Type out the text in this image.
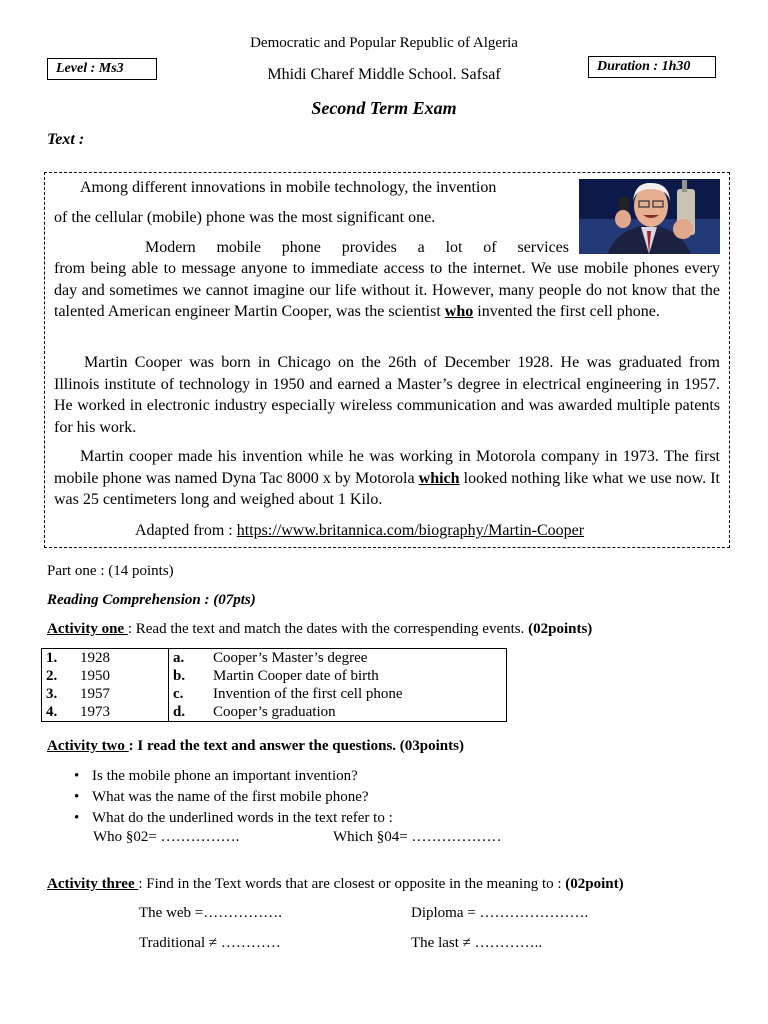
Democratic and Popular Republic of Algeria
Level : Ms3	Mhidi Charef Middle School. Safsaf	Duration : 1h30
Second Term Exam
Text :
Among different innovations in mobile technology, the invention
of the cellular (mobile) phone was the most significant one.
Modern mobile phone provides a lot of services
from being able to message anyone to immediate access to the internet. We use mobile phones every day and sometimes we cannot imagine our life without it. However, many people do not know that the talented American engineer Martin Cooper, was the scientist who invented the first cell phone.
Martin Cooper was born in Chicago on the 26th of December 1928. He was graduated from Illinois institute of technology in 1950 and earned a Master’s degree in electrical engineering in 1957. He worked in electronic industry especially wireless communication and was awarded multiple patents for his work.
Martin cooper made his invention while he was working in Motorola company in 1973. The first mobile phone was named Dyna Tac 8000 x by Motorola which looked nothing like what we use now. It was 25 centimeters long and weighed about 1 Kilo.
Adapted from : https://www.britannica.com/biography/Martin-Cooper
Part one : (14 points)
Reading Comprehension : (07pts)
Activity one : Read the text and match the dates with the correspending events. (02points)
1. 1928	a. Cooper’s Master’s degree
2. 1950	b. Martin Cooper date of birth
3. 1957	c. Invention of the first cell phone
4. 1973	d. Cooper’s graduation
Activity two : I read the text and answer the questions. (03points)
• Is the mobile phone an important invention?
• What was the name of the first mobile phone?
• What do the underlined words in the text refer to :
Who §02= …………….	Which §04= ………………
Activity three : Find in the Text words that are closest or opposite in the meaning to : (02point)
The web =…………….	Diploma = ………………….
Traditional ≠ …………	The last ≠ …………..
